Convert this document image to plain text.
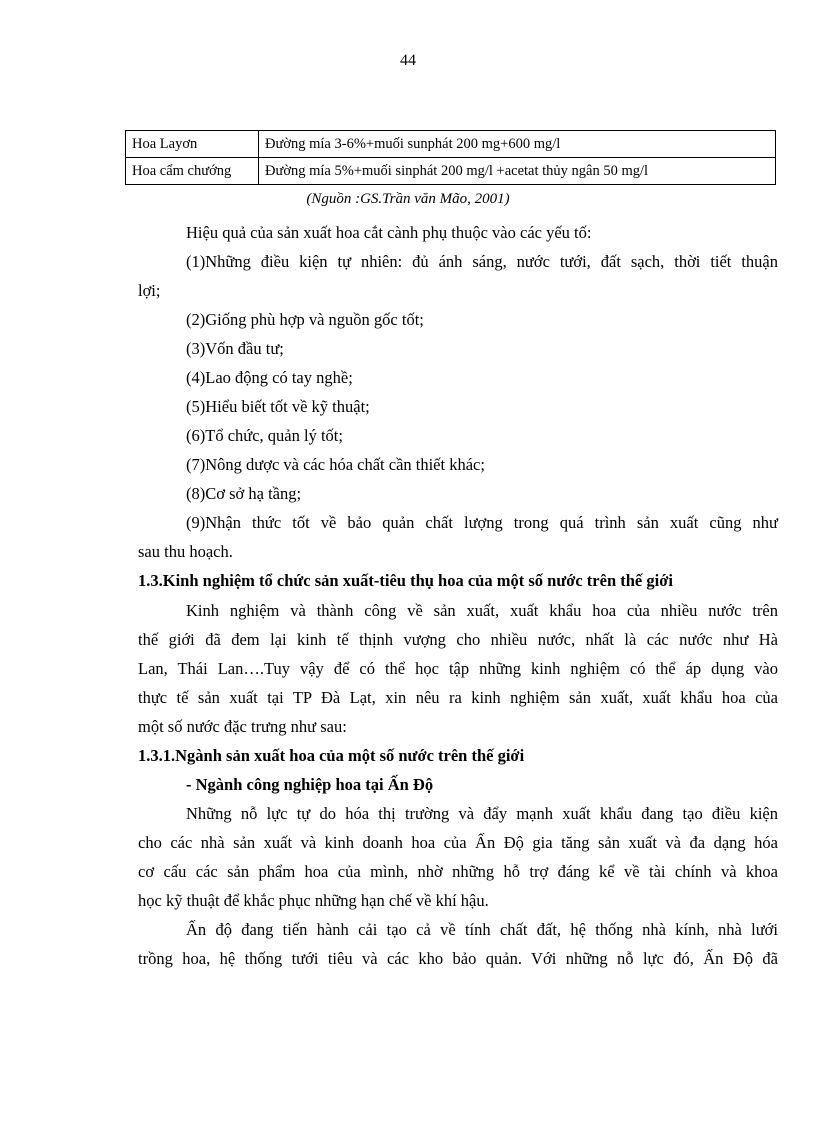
44
Hoa Layơn	Đường mía 3-6%+muối sunphát 200 mg+600 mg/l
Hoa cẩm chướng	Đường mía 5%+muối sinphát 200 mg/l +acetat thủy ngân 50 mg/l
(Nguồn :GS.Trần văn Mão, 2001)
Hiệu quả của sản xuất hoa cắt cành phụ thuộc vào các yếu tố:
(1)Những điều kiện tự nhiên: đủ ánh sáng, nước tưới, đất sạch, thời tiết thuận
lợi;
(2)Giống phù hợp và nguồn gốc tốt;
(3)Vốn đầu tư;
(4)Lao động có tay nghề;
(5)Hiểu biết tốt về kỹ thuật;
(6)Tổ chức, quản lý tốt;
(7)Nông dược và các hóa chất cần thiết khác;
(8)Cơ sở hạ tầng;
(9)Nhận thức tốt về bảo quản chất lượng trong quá trình sản xuất cũng như
sau thu hoạch.
1.3.Kinh nghiệm tổ chức sản xuất-tiêu thụ hoa của một số nước trên thế giới
Kinh nghiệm và thành công về sản xuất, xuất khẩu hoa của nhiều nước trên
thế giới đã đem lại kinh tế thịnh vượng cho nhiều nước, nhất là các nước như Hà
Lan, Thái Lan….Tuy vậy để có thể học tập những kinh nghiệm có thể áp dụng vào
thực tế sản xuất tại TP Đà Lạt, xin nêu ra kinh nghiệm sản xuất, xuất khẩu hoa của
một số nước đặc trưng như sau:
1.3.1.Ngành sản xuất hoa của một số nước trên thế giới
- Ngành công nghiệp hoa tại Ấn Độ
Những nỗ lực tự do hóa thị trường và đẩy mạnh xuất khẩu đang tạo điều kiện
cho các nhà sản xuất và kinh doanh hoa của Ấn Độ gia tăng sản xuất và đa dạng hóa
cơ cấu các sản phẩm hoa của mình, nhờ những hỗ trợ đáng kể về tài chính và khoa
học kỹ thuật để khắc phục những hạn chế về khí hậu.
Ấn độ đang tiến hành cải tạo cả về tính chất đất, hệ thống nhà kính, nhà lưới
trồng hoa, hệ thống tưới tiêu và các kho bảo quản. Với những nỗ lực đó, Ấn Độ đã
